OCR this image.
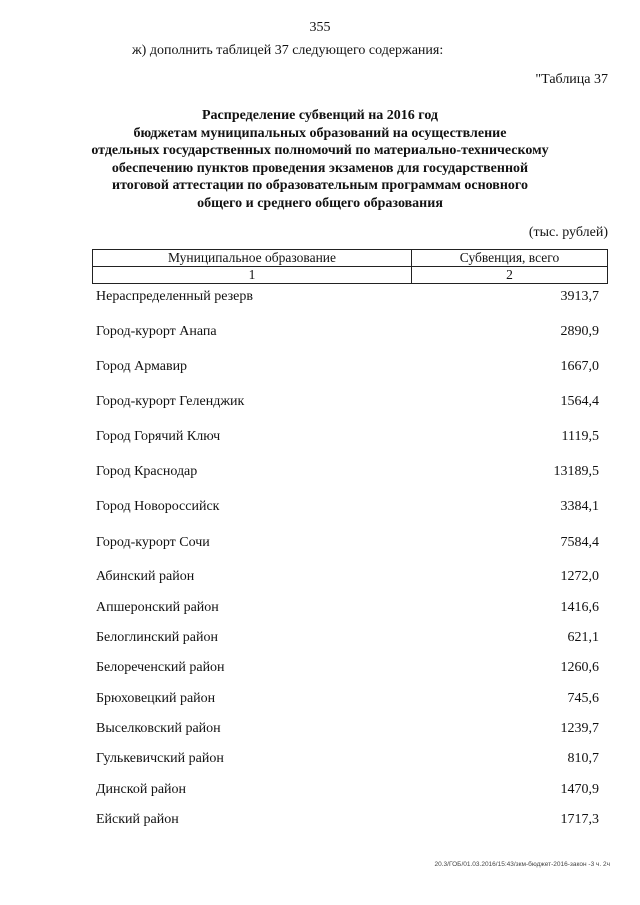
355
ж) дополнить таблицей 37 следующего содержания:
"Таблица 37
Распределение субвенций на 2016 год
бюджетам муниципальных образований на осуществление
отдельных государственных полномочий по материально-техническому
обеспечению пунктов проведения экзаменов для государственной
итоговой аттестации по образовательным программам основного
общего и среднего общего образования
(тыс. рублей)
Муниципальное образование	Субвенция, всего
1	2
Нераспределенный резерв	3913,7
Город-курорт Анапа	2890,9
Город Армавир	1667,0
Город-курорт Геленджик	1564,4
Город Горячий Ключ	1119,5
Город Краснодар	13189,5
Город Новороссийск	3384,1
Город-курорт Сочи	7584,4
Абинский район	1272,0
Апшеронский район	1416,6
Белоглинский район	621,1
Белореченский район	1260,6
Брюховецкий район	745,6
Выселковский район	1239,7
Гулькевичский район	810,7
Динской район	1470,9
Ейский район	1717,3
20.3/ГОБ/01.03.2016/15:43/зкм-бюджет-2016-закон -3 ч. 2ч
